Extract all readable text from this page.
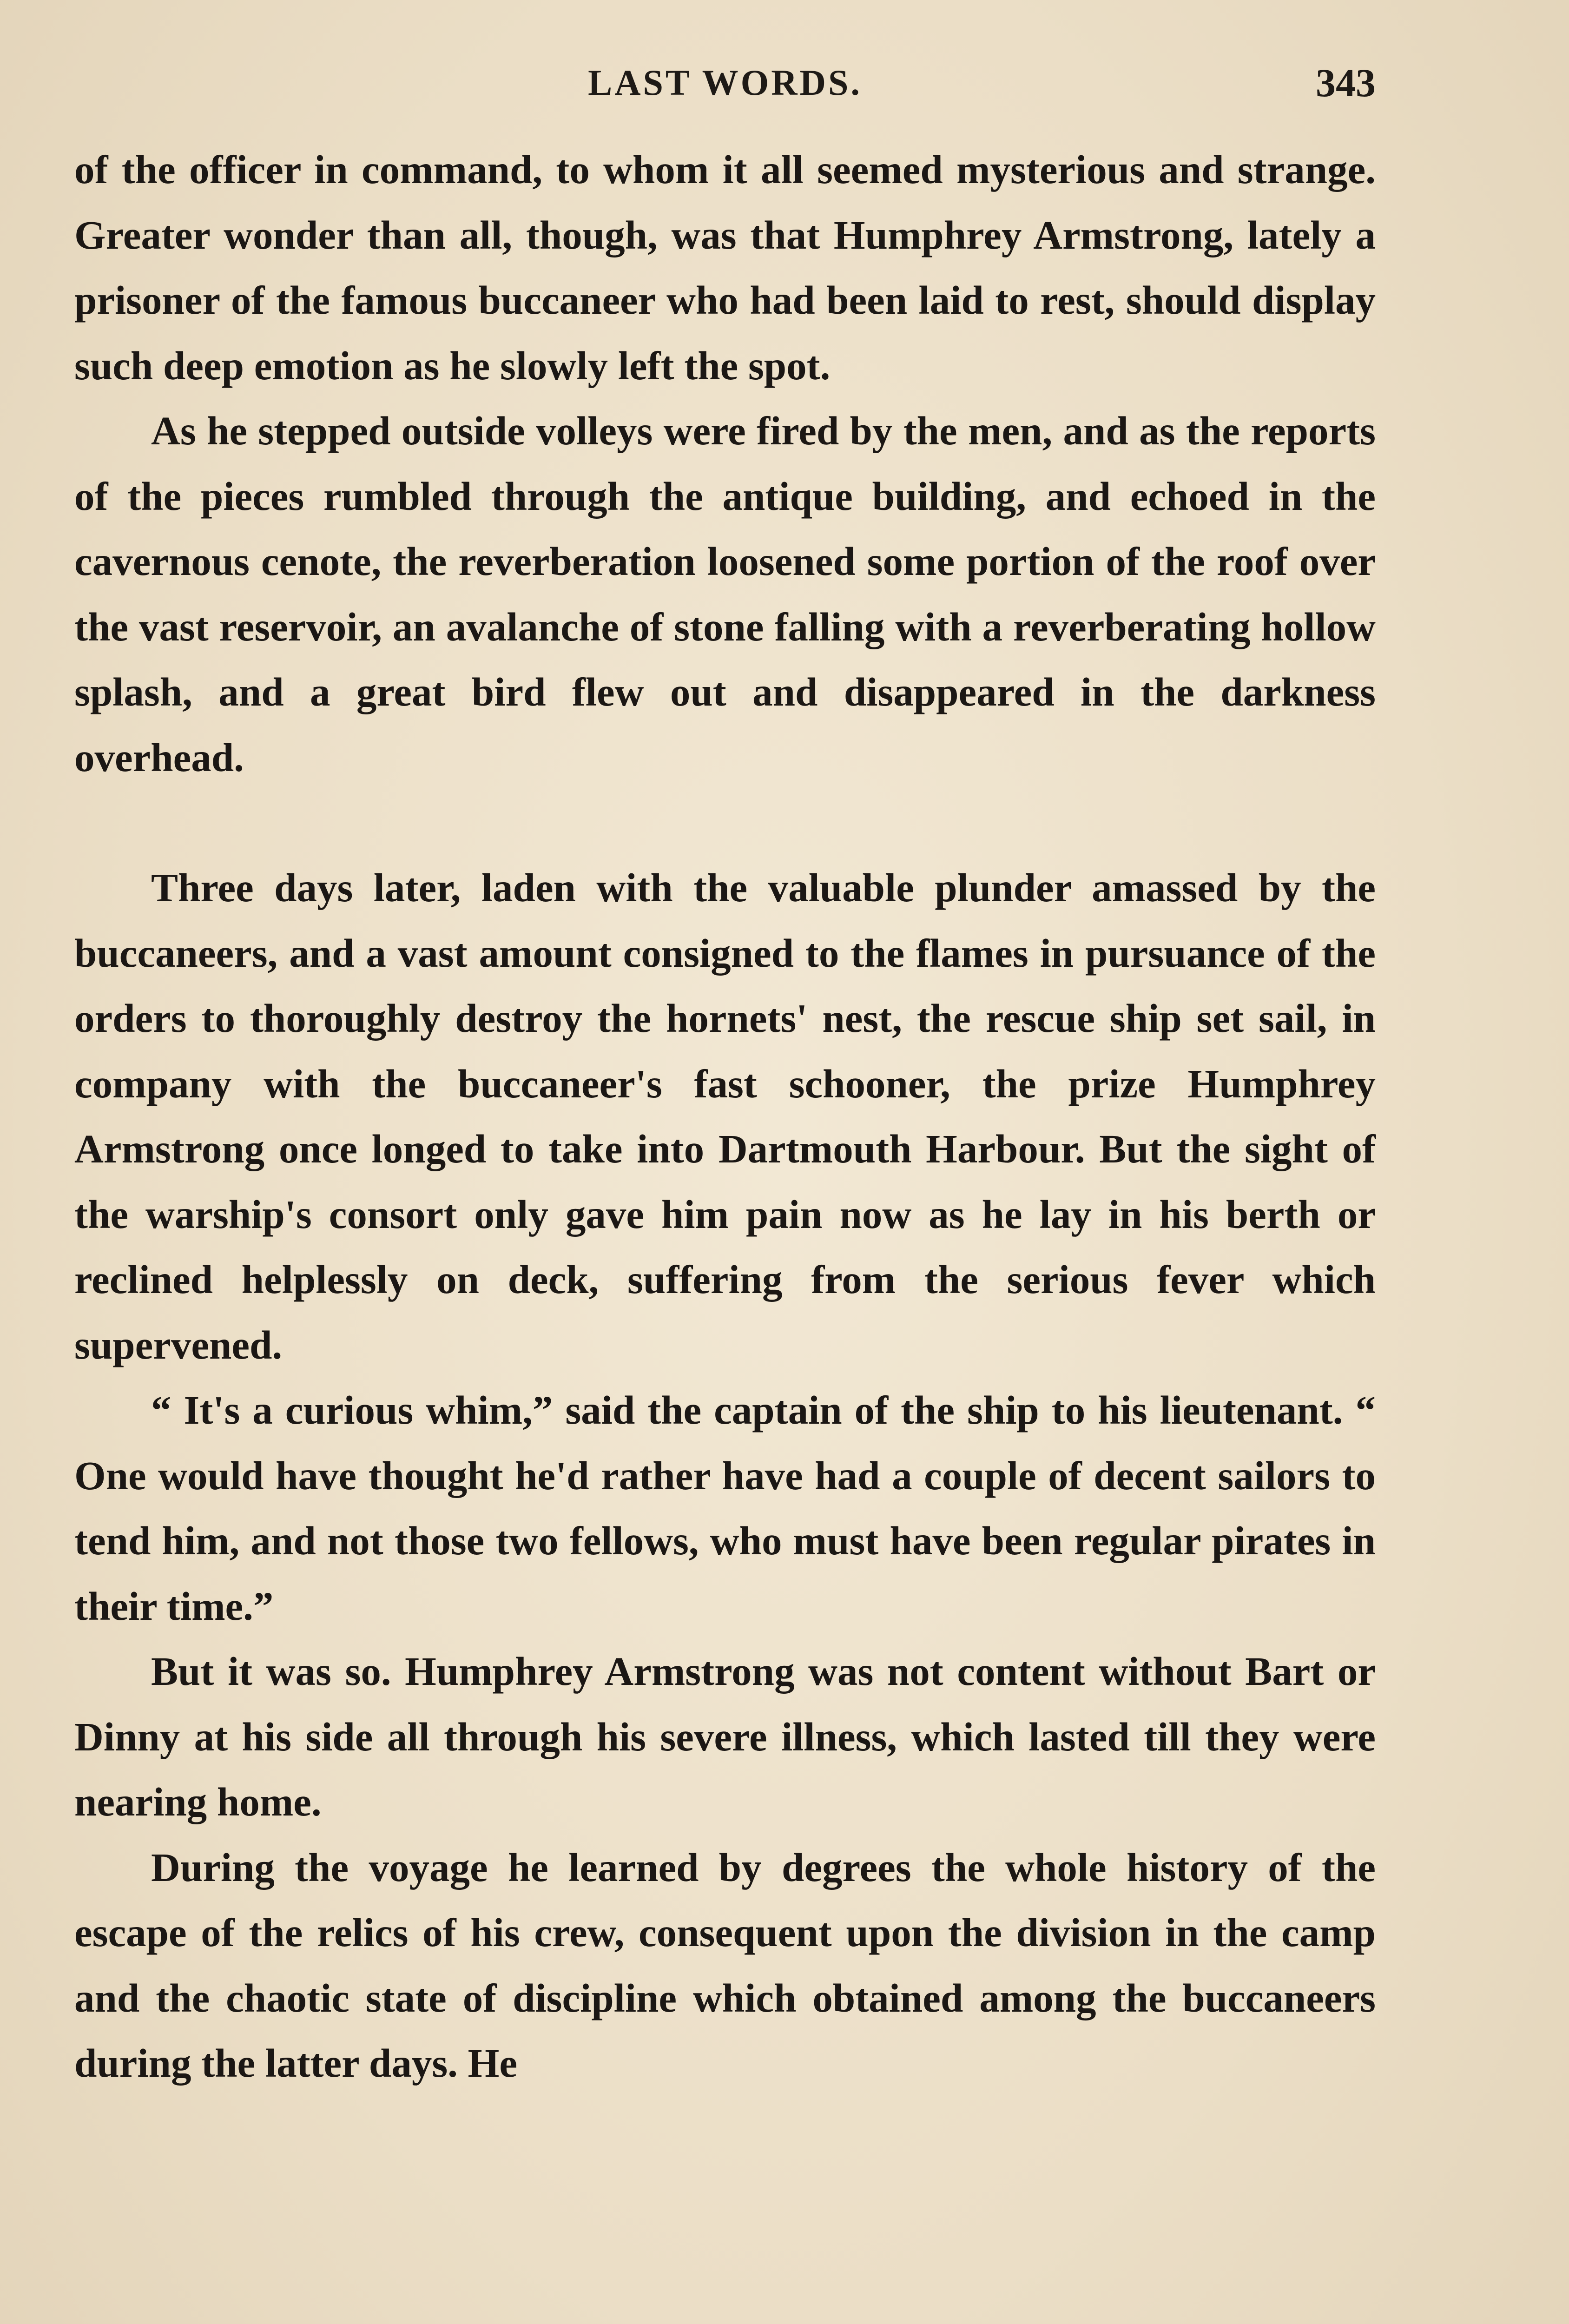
LAST WORDS.	343

of the officer in command, to whom it all seemed mysterious and strange. Greater wonder than all, though, was that Humphrey Armstrong, lately a prisoner of the famous buccaneer who had been laid to rest, should display such deep emotion as he slowly left the spot.

As he stepped outside volleys were fired by the men, and as the reports of the pieces rumbled through the antique building, and echoed in the cavernous cenote, the reverberation loosened some portion of the roof over the vast reservoir, an avalanche of stone falling with a reverberating hollow splash, and a great bird flew out and disappeared in the darkness overhead.

Three days later, laden with the valuable plunder amassed by the buccaneers, and a vast amount consigned to the flames in pursuance of the orders to thoroughly destroy the hornets' nest, the rescue ship set sail, in company with the buccaneer's fast schooner, the prize Humphrey Armstrong once longed to take into Dartmouth Harbour. But the sight of the warship's consort only gave him pain now as he lay in his berth or reclined helplessly on deck, suffering from the serious fever which supervened.

“ It's a curious whim,” said the captain of the ship to his lieutenant. “ One would have thought he'd rather have had a couple of decent sailors to tend him, and not those two fellows, who must have been regular pirates in their time.”

But it was so. Humphrey Armstrong was not content without Bart or Dinny at his side all through his severe illness, which lasted till they were nearing home.

During the voyage he learned by degrees the whole history of the escape of the relics of his crew, consequent upon the division in the camp and the chaotic state of discipline which obtained among the buccaneers during the latter days. He
